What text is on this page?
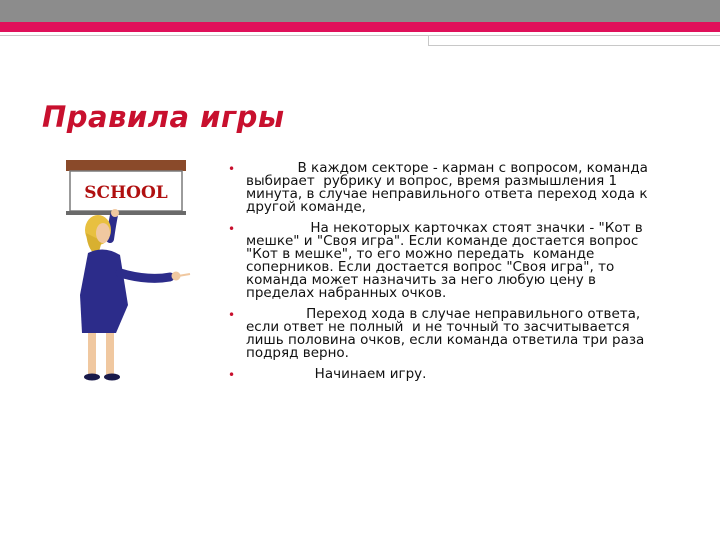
Правила игры
SCHOOL
• В каждом секторе - карман с вопросом, команда выбирает  рубрику и вопрос, время размышления 1 минута, в случае неправильного ответа переход хода к другой команде,
• На некоторых карточках стоят значки - "Кот в мешке" и "Своя игра". Если команде достается вопрос "Кот в мешке", то его можно передать  команде соперников. Если достается вопрос "Своя игра", то команда может назначить за него любую цену в пределах набранных очков.
• Переход хода в случае неправильного ответа, если ответ не полный  и не точный то засчитывается лишь половина очков, если команда ответила три раза подряд верно.
• Начинаем игру.
